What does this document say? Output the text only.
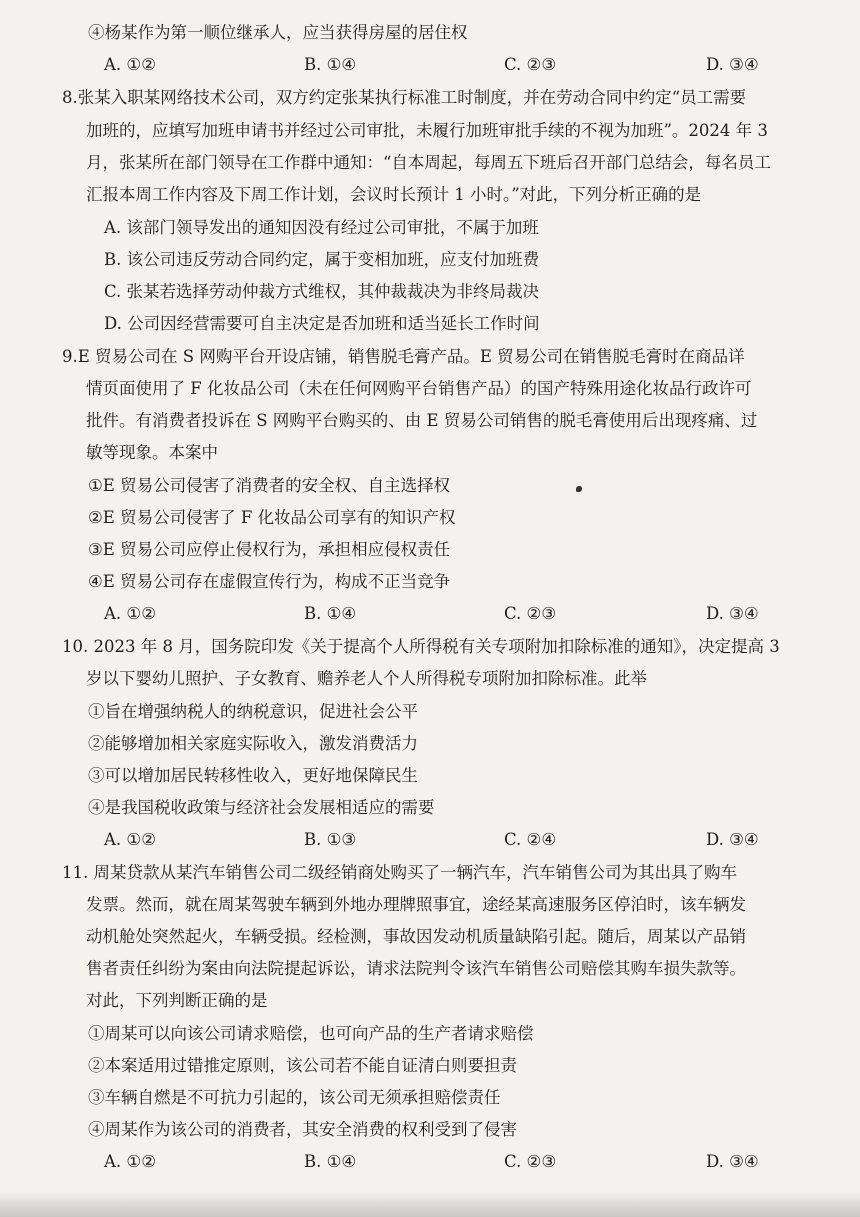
④杨某作为第一顺位继承人，应当获得房屋的居住权
A. ①②	B. ①④	C. ②③	D. ③④
8.张某入职某网络技术公司，双方约定张某执行标准工时制度，并在劳动合同中约定“员工需要
加班的，应填写加班申请书并经过公司审批，未履行加班审批手续的不视为加班”。2024 年 3
月，张某所在部门领导在工作群中通知：“自本周起，每周五下班后召开部门总结会，每名员工
汇报本周工作内容及下周工作计划，会议时长预计 1 小时。”对此，下列分析正确的是
A. 该部门领导发出的通知因没有经过公司审批，不属于加班
B. 该公司违反劳动合同约定，属于变相加班，应支付加班费
C. 张某若选择劳动仲裁方式维权，其仲裁裁决为非终局裁决
D. 公司因经营需要可自主决定是否加班和适当延长工作时间
9.E 贸易公司在 S 网购平台开设店铺，销售脱毛膏产品。E 贸易公司在销售脱毛膏时在商品详
情页面使用了 F 化妆品公司（未在任何网购平台销售产品）的国产特殊用途化妆品行政许可
批件。有消费者投诉在 S 网购平台购买的、由 E 贸易公司销售的脱毛膏使用后出现疼痛、过
敏等现象。本案中
①E 贸易公司侵害了消费者的安全权、自主选择权
②E 贸易公司侵害了 F 化妆品公司享有的知识产权
③E 贸易公司应停止侵权行为，承担相应侵权责任
④E 贸易公司存在虚假宣传行为，构成不正当竞争
A. ①②	B. ①④	C. ②③	D. ③④
10. 2023 年 8 月，国务院印发《关于提高个人所得税有关专项附加扣除标准的通知》，决定提高 3
岁以下婴幼儿照护、子女教育、赡养老人个人所得税专项附加扣除标准。此举
①旨在增强纳税人的纳税意识，促进社会公平
②能够增加相关家庭实际收入，激发消费活力
③可以增加居民转移性收入，更好地保障民生
④是我国税收政策与经济社会发展相适应的需要
A. ①②	B. ①③	C. ②④	D. ③④
11. 周某贷款从某汽车销售公司二级经销商处购买了一辆汽车，汽车销售公司为其出具了购车
发票。然而，就在周某驾驶车辆到外地办理牌照事宜，途经某高速服务区停泊时，该车辆发
动机舱处突然起火，车辆受损。经检测，事故因发动机质量缺陷引起。随后，周某以产品销
售者责任纠纷为案由向法院提起诉讼，请求法院判令该汽车销售公司赔偿其购车损失款等。
对此，下列判断正确的是
①周某可以向该公司请求赔偿，也可向产品的生产者请求赔偿
②本案适用过错推定原则，该公司若不能自证清白则要担责
③车辆自燃是不可抗力引起的，该公司无须承担赔偿责任
④周某作为该公司的消费者，其安全消费的权利受到了侵害
A. ①②	B. ①④	C. ②③	D. ③④
